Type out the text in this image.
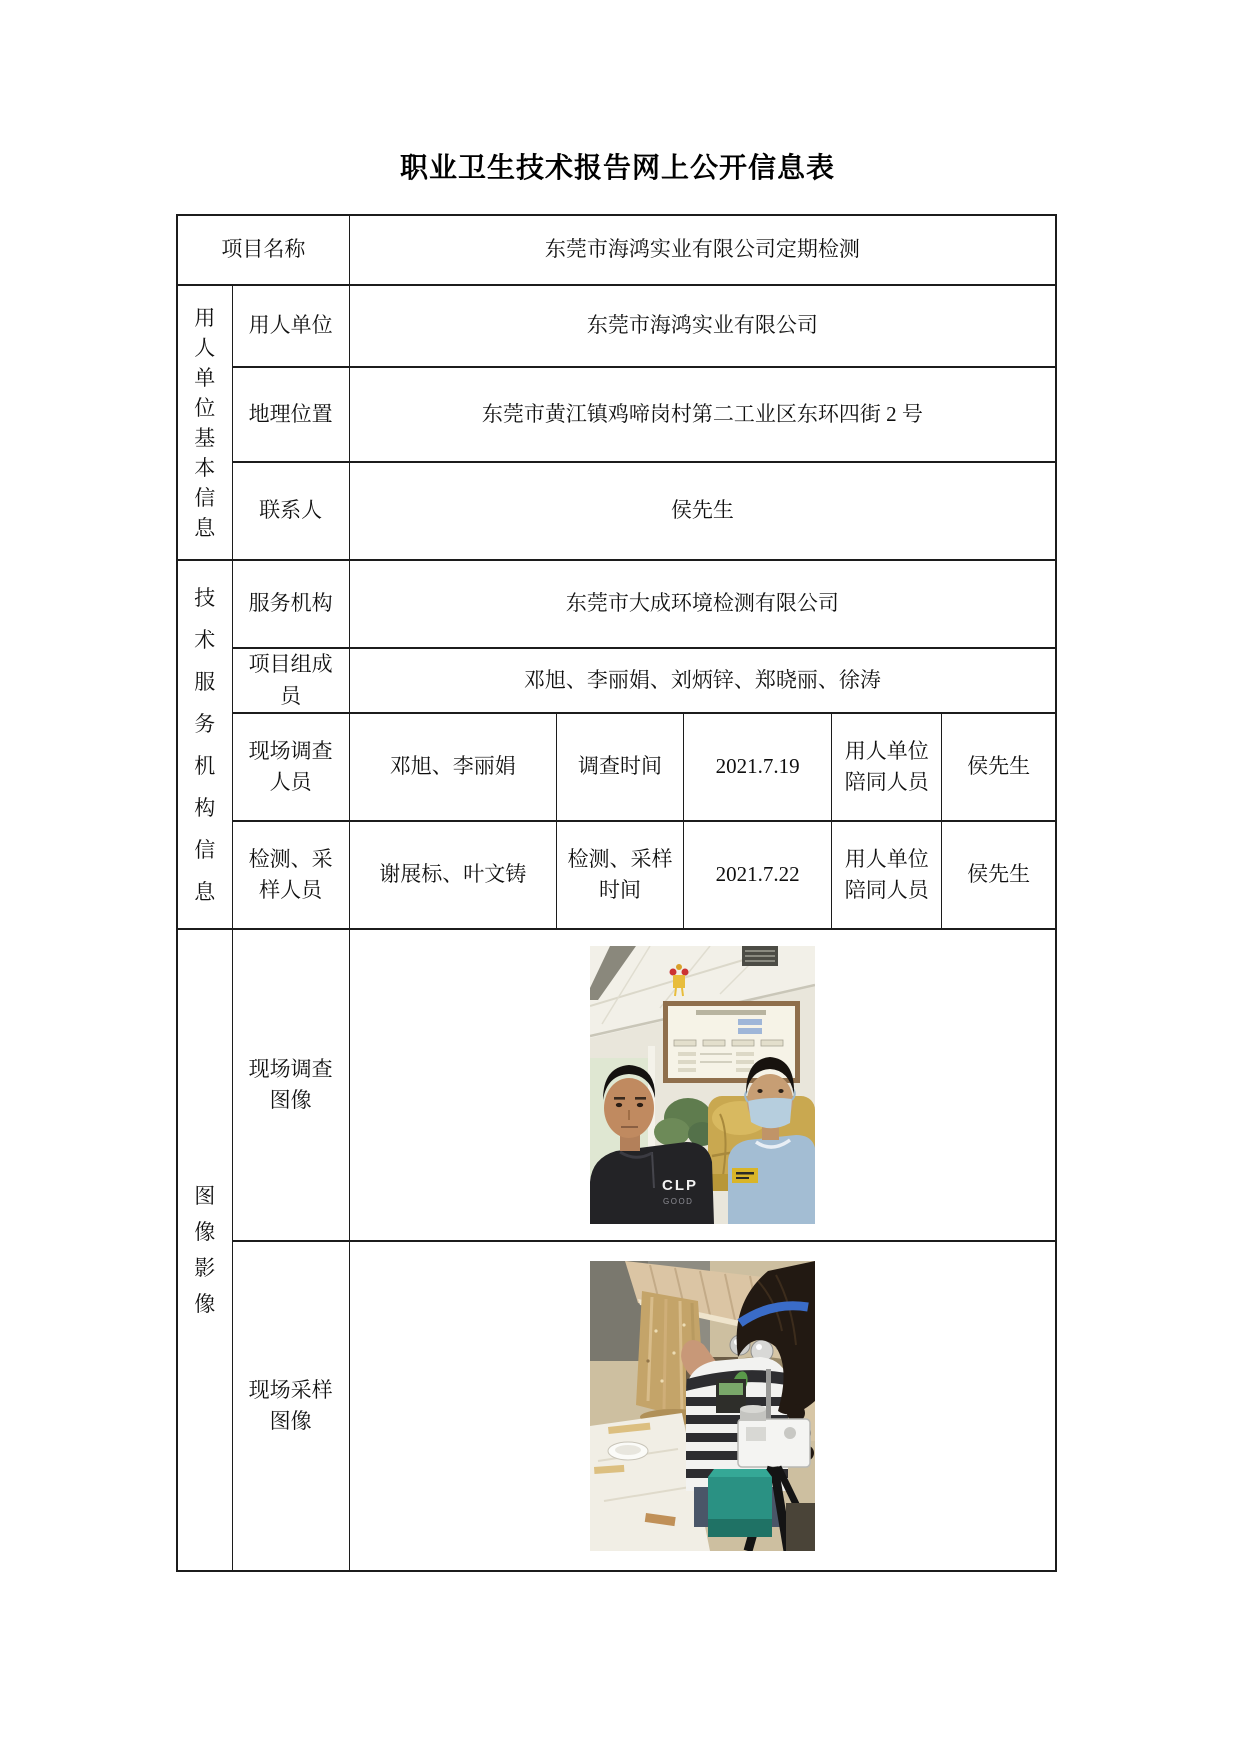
职业卫生技术报告网上公开信息表
项目名称		东莞市海鸿实业有限公司定期检测				
用人单位基本信息	用人单位	东莞市海鸿实业有限公司				
	地理位置	东莞市黄江镇鸡啼岗村第二工业区东环四街 2 号				
	联系人	侯先生				
技术服务机构信息	服务机构	东莞市大成环境检测有限公司				
	项目组成员	邓旭、李丽娟、刘炳锌、郑晓丽、徐涛				
	现场调查人员	邓旭、李丽娟	调查时间	2021.7.19	用人单位陪同人员	侯先生
	检测、采样人员	谢展标、叶文铸	检测、采样时间	2021.7.22	用人单位陪同人员	侯先生
图像影像	现场调查图像	CLP
GOOD				

	现场采样图像	
